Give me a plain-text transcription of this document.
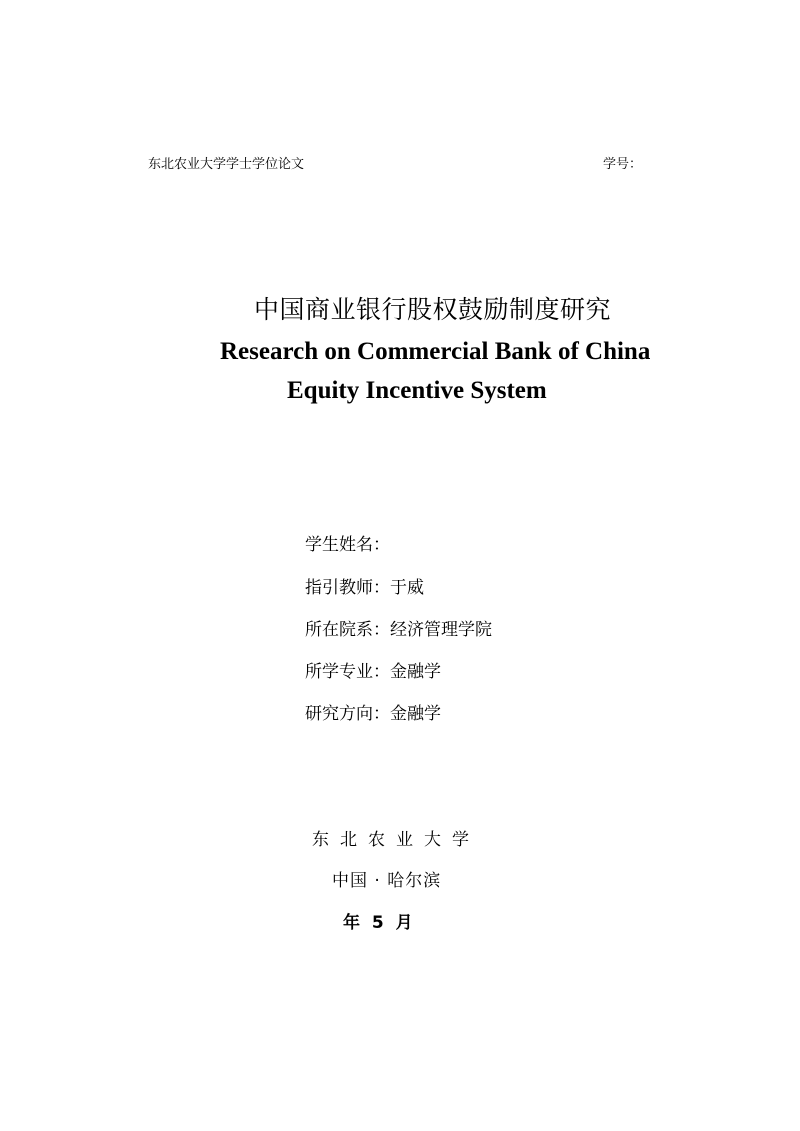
东北农业大学学士学位论文	学号：
中国商业银行股权鼓励制度研究
Research on Commercial Bank of China
Equity Incentive System
学生姓名：
指引教师：于威
所在院系：经济管理学院
所学专业：金融学
研究方向：金融学
东北农业大学
中国 · 哈尔滨
年 5 月
